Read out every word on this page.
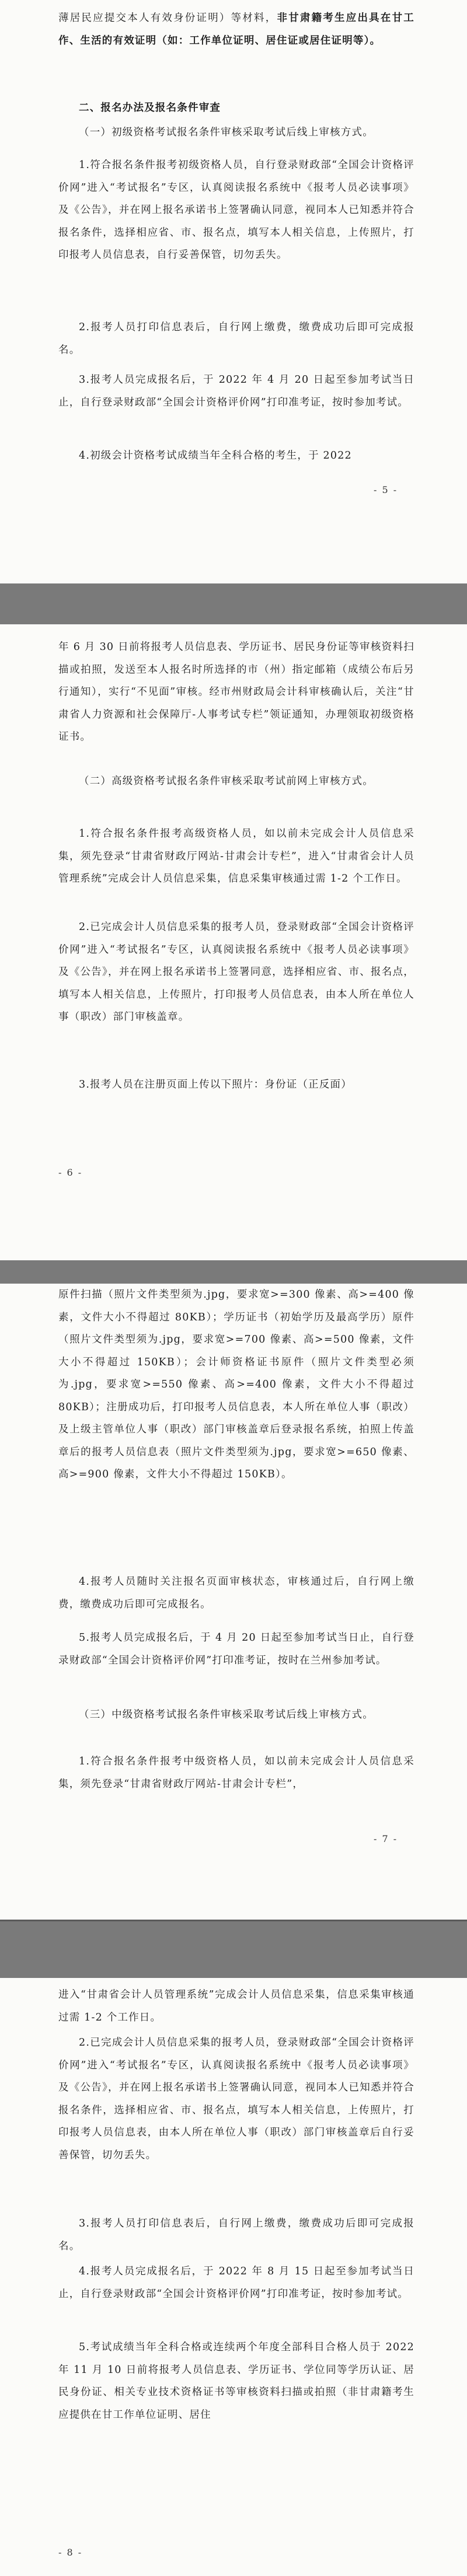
薄居民应提交本人有效身份证明）等材料，非甘肃籍考生应出具在甘工作、生活的有效证明（如：工作单位证明、居住证或居住证明等）。

二、报名办法及报名条件审查

（一）初级资格考试报名条件审核采取考试后线上审核方式。

1.符合报名条件报考初级资格人员，自行登录财政部“全国会计资格评价网”进入“考试报名”专区，认真阅读报名系统中《报考人员必读事项》及《公告》，并在网上报名承诺书上签署确认同意，视同本人已知悉并符合报名条件，选择相应省、市、报名点，填写本人相关信息，上传照片，打印报考人员信息表，自行妥善保管，切勿丢失。

2.报考人员打印信息表后，自行网上缴费，缴费成功后即可完成报名。

3.报考人员完成报名后，于 2022 年 4 月 20 日起至参加考试当日止，自行登录财政部“全国会计资格评价网”打印准考证，按时参加考试。

4.初级会计资格考试成绩当年全科合格的考生，于 2022

- 5 -

年 6 月 30 日前将报考人员信息表、学历证书、居民身份证等审核资料扫描或拍照，发送至本人报名时所选择的市（州）指定邮箱（成绩公布后另行通知），实行“不见面”审核。经市州财政局会计科审核确认后，关注“甘肃省人力资源和社会保障厅-人事考试专栏”领证通知，办理领取初级资格证书。

（二）高级资格考试报名条件审核采取考试前网上审核方式。

1.符合报名条件报考高级资格人员，如以前未完成会计人员信息采集，须先登录“甘肃省财政厅网站-甘肃会计专栏”，进入“甘肃省会计人员管理系统”完成会计人员信息采集，信息采集审核通过需 1-2 个工作日。

2.已完成会计人员信息采集的报考人员，登录财政部“全国会计资格评价网”进入“考试报名”专区，认真阅读报名系统中《报考人员必读事项》及《公告》，并在网上报名承诺书上签署同意，选择相应省、市、报名点，填写本人相关信息，上传照片，打印报考人员信息表，由本人所在单位人事（职改）部门审核盖章。

3.报考人员在注册页面上传以下照片：身份证（正反面）

- 6 -

原件扫描（照片文件类型须为.jpg，要求宽>=300 像素、高>=400 像素，文件大小不得超过 80KB）；学历证书（初始学历及最高学历）原件（照片文件类型须为.jpg，要求宽>=700 像素、高>=500 像素，文件大小不得超过 150KB）；会计师资格证书原件（照片文件类型必须为.jpg，要求宽>=550 像素、高>=400 像素，文件大小不得超过 80KB）；注册成功后，打印报考人员信息表，本人所在单位人事（职改）及上级主管单位人事（职改）部门审核盖章后登录报名系统，拍照上传盖章后的报考人员信息表（照片文件类型须为.jpg，要求宽>=650 像素、高>=900 像素，文件大小不得超过 150KB）。

4.报考人员随时关注报名页面审核状态，审核通过后，自行网上缴费，缴费成功后即可完成报名。

5.报考人员完成报名后，于 4 月 20 日起至参加考试当日止，自行登录财政部“全国会计资格评价网”打印准考证，按时在兰州参加考试。

（三）中级资格考试报名条件审核采取考试后线上审核方式。

1.符合报名条件报考中级资格人员，如以前未完成会计人员信息采集，须先登录“甘肃省财政厅网站-甘肃会计专栏”，

- 7 -

进入“甘肃省会计人员管理系统”完成会计人员信息采集，信息采集审核通过需 1-2 个工作日。

2.已完成会计人员信息采集的报考人员，登录财政部“全国会计资格评价网”进入“考试报名”专区，认真阅读报名系统中《报考人员必读事项》及《公告》，并在网上报名承诺书上签署确认同意，视同本人已知悉并符合报名条件，选择相应省、市、报名点，填写本人相关信息，上传照片，打印报考人员信息表，由本人所在单位人事（职改）部门审核盖章后自行妥善保管，切勿丢失。

3.报考人员打印信息表后，自行网上缴费，缴费成功后即可完成报名。

4.报考人员完成报名后，于 2022 年 8 月 15 日起至参加考试当日止，自行登录财政部“全国会计资格评价网”打印准考证，按时参加考试。

5.考试成绩当年全科合格或连续两个年度全部科目合格人员于 2022 年 11 月 10 日前将报考人员信息表、学历证书、学位同等学历认证、居民身份证、相关专业技术资格证书等审核资料扫描或拍照（非甘肃籍考生应提供在甘工作单位证明、居住

- 8 -
